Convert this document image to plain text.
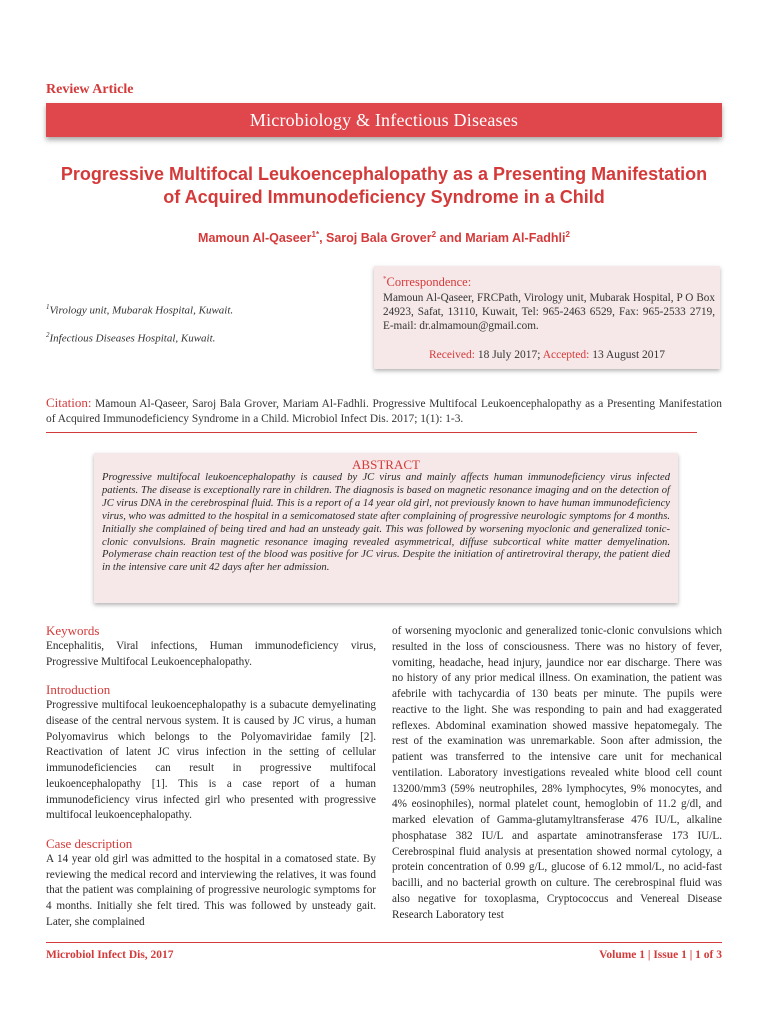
Review Article
Microbiology & Infectious Diseases
Progressive Multifocal Leukoencephalopathy as a Presenting Manifestation of Acquired Immunodeficiency Syndrome in a Child
Mamoun Al-Qaseer$^{1*}$, Saroj Bala Grover$^2$ and Mariam Al-Fadhli$^2$
$^1$Virology unit, Mubarak Hospital, Kuwait.
$^2$Infectious Diseases Hospital, Kuwait.
*Correspondence:
Mamoun Al-Qaseer, FRCPath, Virology unit, Mubarak Hospital, P O Box 24923, Safat, 13110, Kuwait, Tel: 965-2463 6529, Fax: 965-2533 2719, E-mail: dr.almamoun@gmail.com.
Received: 18 July 2017; Accepted: 13 August 2017
Citation: Mamoun Al-Qaseer, Saroj Bala Grover, Mariam Al-Fadhli. Progressive Multifocal Leukoencephalopathy as a Presenting Manifestation of Acquired Immunodeficiency Syndrome in a Child. Microbiol Infect Dis. 2017; 1(1): 1-3.
ABSTRACT
Progressive multifocal leukoencephalopathy is caused by JC virus and mainly affects human immunodeficiency virus infected patients. The disease is exceptionally rare in children. The diagnosis is based on magnetic resonance imaging and on the detection of JC virus DNA in the cerebrospinal fluid. This is a report of a 14 year old girl, not previously known to have human immunodeficiency virus, who was admitted to the hospital in a semicomatosed state after complaining of progressive neurologic symptoms for 4 months. Initially she complained of being tired and had an unsteady gait. This was followed by worsening myoclonic and generalized tonic-clonic convulsions. Brain magnetic resonance imaging revealed asymmetrical, diffuse subcortical white matter demyelination. Polymerase chain reaction test of the blood was positive for JC virus. Despite the initiation of antiretroviral therapy, the patient died in the intensive care unit 42 days after her admission.
Keywords

Encephalitis, Viral infections, Human immunodeficiency virus, Progressive Multifocal Leukoencephalopathy.

Introduction

Progressive multifocal leukoencephalopathy is a subacute demyelinating disease of the central nervous system. It is caused by JC virus, a human Polyomavirus which belongs to the Polyomaviridae family [2]. Reactivation of latent JC virus infection in the setting of cellular immunodeficiencies can result in progressive multifocal leukoencephalopathy [1]. This is a case report of a human immunodeficiency virus infected girl who presented with progressive multifocal leukoencephalopathy.

Case description

A 14 year old girl was admitted to the hospital in a comatosed state. By reviewing the medical record and interviewing the relatives, it was found that the patient was complaining of progressive neurologic symptoms for 4 months. Initially she felt tired. This was followed by unsteady gait. Later, she complained

of worsening myoclonic and generalized tonic-clonic convulsions which resulted in the loss of consciousness. There was no history of fever, vomiting, headache, head injury, jaundice nor ear discharge. There was no history of any prior medical illness. On examination, the patient was afebrile with tachycardia of 130 beats per minute. The pupils were reactive to the light. She was responding to pain and had exaggerated reflexes. Abdominal examination showed massive hepatomegaly. The rest of the examination was unremarkable. Soon after admission, the patient was transferred to the intensive care unit for mechanical ventilation. Laboratory investigations revealed white blood cell count 13200/mm3 (59% neutrophiles, 28% lymphocytes, 9% monocytes, and 4% eosinophiles), normal platelet count, hemoglobin of 11.2 g/dl, and marked elevation of Gamma-glutamyltransferase 476 IU/L, alkaline phosphatase 382 IU/L and aspartate aminotransferase 173 IU/L. Cerebrospinal fluid analysis at presentation showed normal cytology, a protein concentration of 0.99 g/L, glucose of 6.12 mmol/L, no acid-fast bacilli, and no bacterial growth on culture. The cerebrospinal fluid was also negative for toxoplasma, Cryptococcus and Venereal Disease Research Laboratory test

Microbiol Infect Dis, 2017	Volume 1 | Issue 1 | 1 of 3
